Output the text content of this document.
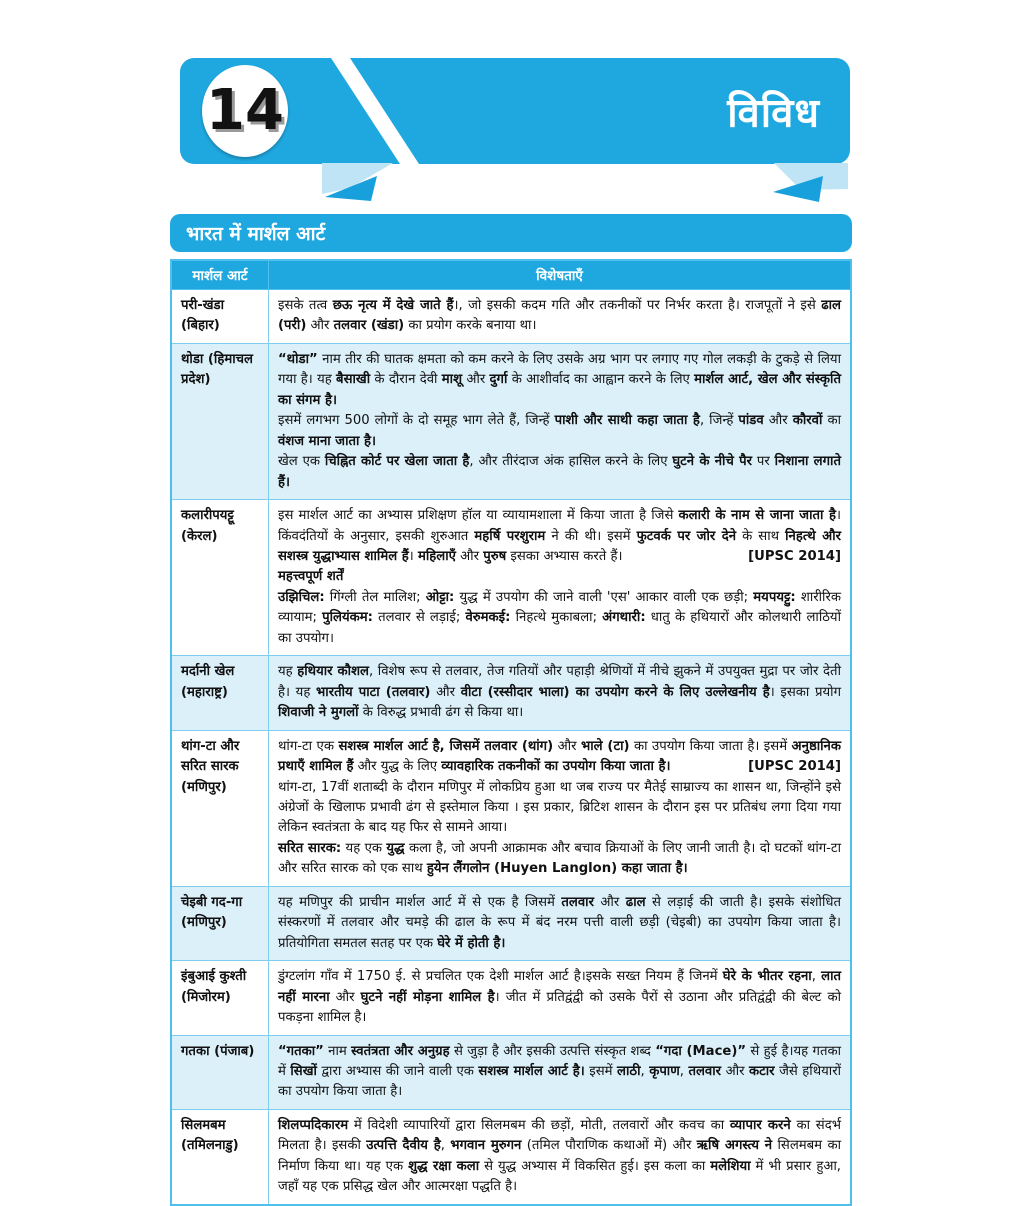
14	विविध
भारत में मार्शल आर्ट
मार्शल आर्ट	विशेषताएँ
परी-खंडा (बिहार)	इसके तत्व छऊ नृत्य में देखे जाते हैं।, जो इसकी कदम गति और तकनीकों पर निर्भर करता है। राजपूतों ने इसे ढाल (परी) और तलवार (खंडा) का प्रयोग करके बनाया था।

थोडा (हिमाचल प्रदेश)	“थोडा” नाम तीर की घातक क्षमता को कम करने के लिए उसके अग्र भाग पर लगाए गए गोल लकड़ी के टुकड़े से लिया गया है। यह बैसाखी के दौरान देवी माशू और दुर्गा के आशीर्वाद का आह्वान करने के लिए मार्शल आर्ट, खेल और संस्कृति का संगम है।
इसमें लगभग 500 लोगों के दो समूह भाग लेते हैं, जिन्हें पाशी और साथी कहा जाता है, जिन्हें पांडव और कौरवों का वंशज माना जाता है।
खेल एक चिह्नित कोर्ट पर खेला जाता है, और तीरंदाज अंक हासिल करने के लिए घुटने के नीचे पैर पर निशाना लगाते हैं।

कलारीपयट्टू (केरल)	इस मार्शल आर्ट का अभ्यास प्रशिक्षण हॉल या व्यायामशाला में किया जाता है जिसे कलारी के नाम से जाना जाता है। किंवदंतियों के अनुसार, इसकी शुरुआत महर्षि परशुराम ने की थी। इसमें फुटवर्क पर जोर देने के साथ निहत्थे और सशस्त्र युद्धाभ्यास शामिल हैं। महिलाएँ और पुरुष इसका अभ्यास करते हैं। [UPSC 2014]
महत्त्वपूर्ण शर्तें
उझिचिल: गिंग्ली तेल मालिश; ओट्टा: युद्ध में उपयोग की जाने वाली 'एस' आकार वाली एक छड़ी; मयपयट्टु: शारीरिक व्यायाम; पुलियंकम: तलवार से लड़ाई; वेरुमकई: निहत्थे मुकाबला; अंगथारी: धातु के हथियारों और कोलथारी लाठियों का उपयोग।

मर्दानी खेल (महाराष्ट्र)	यह हथियार कौशल, विशेष रूप से तलवार, तेज गतियों और पहाड़ी श्रेणियों में नीचे झुकने में उपयुक्त मुद्रा पर जोर देती है। यह भारतीय पाटा (तलवार) और वीटा (रस्सीदार भाला) का उपयोग करने के लिए उल्लेखनीय है। इसका प्रयोग शिवाजी ने मुगलों के विरुद्ध प्रभावी ढंग से किया था।

थांग-टा और सरित सारक (मणिपुर)	थांग-टा एक सशस्त्र मार्शल आर्ट है, जिसमें तलवार (थांग) और भाले (टा) का उपयोग किया जाता है। इसमें अनुष्ठानिक प्रथाएँ शामिल हैं और युद्ध के लिए व्यावहारिक तकनीकों का उपयोग किया जाता है। [UPSC 2014]
थांग-टा, 17वीं शताब्दी के दौरान मणिपुर में लोकप्रिय हुआ था जब राज्य पर मैतेई साम्राज्य का शासन था, जिन्होंने इसे अंग्रेजों के खिलाफ प्रभावी ढंग से इस्तेमाल किया । इस प्रकार, ब्रिटिश शासन के दौरान इस पर प्रतिबंध लगा दिया गया लेकिन स्वतंत्रता के बाद यह फिर से सामने आया।
सरित सारक: यह एक युद्ध कला है, जो अपनी आक्रामक और बचाव क्रियाओं के लिए जानी जाती है। दो घटकों थांग-टा और सरित सारक को एक साथ हुयेन लैंगलोन (Huyen Langlon) कहा जाता है।

चेइबी गद-गा (मणिपुर)	यह मणिपुर की प्राचीन मार्शल आर्ट में से एक है जिसमें तलवार और ढाल से लड़ाई की जाती है। इसके संशोधित संस्करणों में तलवार और चमड़े की ढाल के रूप में बंद नरम पत्ती वाली छड़ी (चेइबी) का उपयोग किया जाता है। प्रतियोगिता समतल सतह पर एक घेरे में होती है।

इंबुआई कुश्ती (मिजोरम)	डुंग्टलांग गाँव में 1750 ई. से प्रचलित एक देशी मार्शल आर्ट है।इसके सख्त नियम हैं जिनमें घेरे के भीतर रहना, लात नहीं मारना और घुटने नहीं मोड़ना शामिल है। जीत में प्रतिद्वंद्वी को उसके पैरों से उठाना और प्रतिद्वंद्वी की बेल्ट को पकड़ना शामिल है।

गतका (पंजाब)	“गतका” नाम स्वतंत्रता और अनुग्रह से जुड़ा है और इसकी उत्पत्ति संस्कृत शब्द “गदा (Mace)” से हुई है।यह गतका में सिखों द्वारा अभ्यास की जाने वाली एक सशस्त्र मार्शल आर्ट है। इसमें लाठी, कृपाण, तलवार और कटार जैसे हथियारों का उपयोग किया जाता है।

सिलमबम (तमिलनाडु)	शिलप्पदिकारम में विदेशी व्यापारियों द्वारा सिलमबम की छड़ों, मोती, तलवारों और कवच का व्यापार करने का संदर्भ मिलता है। इसकी उत्पत्ति दैवीय है, भगवान मुरुगन (तमिल पौराणिक कथाओं में) और ऋषि अगस्त्य ने सिलमबम का निर्माण किया था। यह एक शुद्ध रक्षा कला से युद्ध अभ्यास में विकसित हुई। इस कला का मलेशिया में भी प्रसार हुआ, जहाँ यह एक प्रसिद्ध खेल और आत्मरक्षा पद्धति है।
